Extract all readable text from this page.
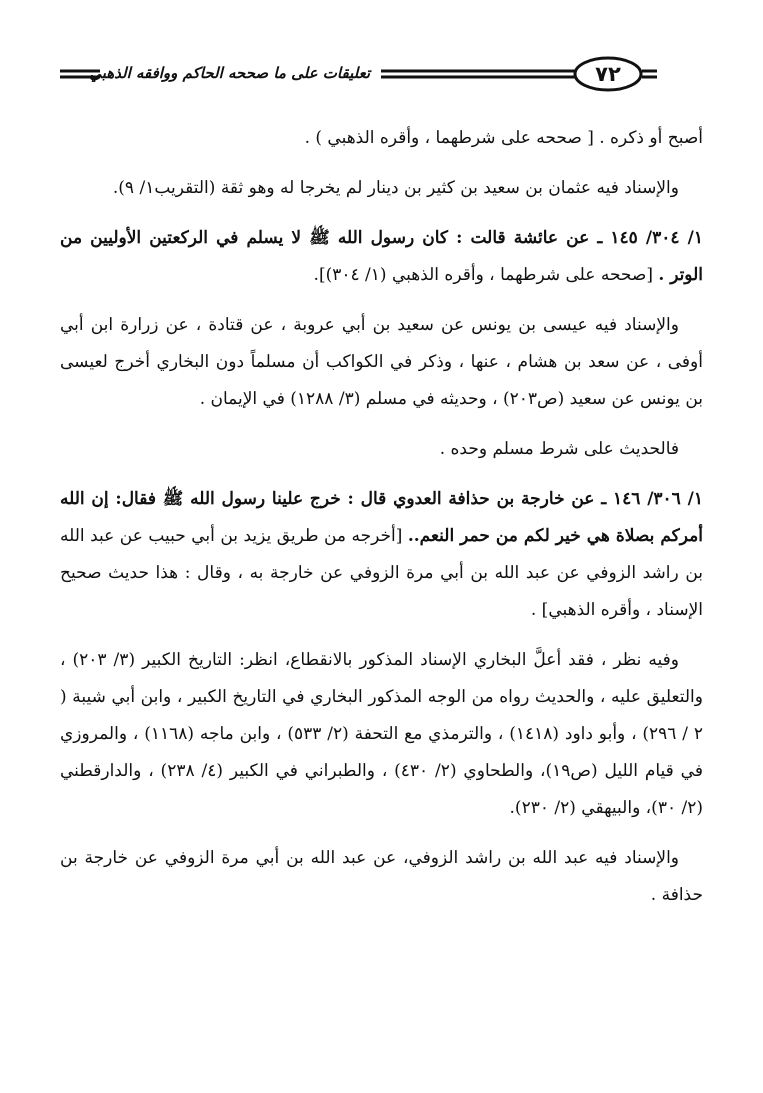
٧٢
تعليقات على ما صححه الحاكم ووافقه الذهبي

أصبح أو ذكره . [ صححه على شرطهما ، وأقره الذهبي ) .

والإسناد فيه عثمان بن سعيد بن كثير بن دينار لم يخرجا له وهو ثقة (التقريب١/ ٩).

١/ ٣٠٤/ ١٤٥ ـ عن عائشة قالت : كان رسول الله ﷺ لا يسلم في الركعتين الأوليين من الوتر . [صححه على شرطهما ، وأقره الذهبي (١/ ٣٠٤)].

والإسناد فيه عيسى بن يونس عن سعيد بن أبي عروبة ، عن قتادة ، عن زرارة ابن أبي أوفى ، عن سعد بن هشام ، عنها ، وذكر في الكواكب أن مسلماً دون البخاري أخرج لعيسى بن يونس عن سعيد (ص٢٠٣) ، وحديثه في مسلم (٣/ ١٢٨٨) في الإيمان .

فالحديث على شرط مسلم وحده .

١/ ٣٠٦/ ١٤٦ ـ عن خارجة بن حذافة العدوي قال : خرج علينا رسول الله ﷺ فقال: إن الله أمركم بصلاة هي خير لكم من حمر النعم.. [أخرجه من طريق يزيد بن أبي حبيب عن عبد الله بن راشد الزوفي عن عبد الله بن أبي مرة الزوفي عن خارجة به ، وقال : هذا حديث صحيح الإسناد ، وأقره الذهبي] .

وفيه نظر ، فقد أعلَّ البخاري الإسناد المذكور بالانقطاع، انظر: التاريخ الكبير (٣/ ٢٠٣) ، والتعليق عليه ، والحديث رواه من الوجه المذكور البخاري في التاريخ الكبير ، وابن أبي شيبة ( ٢ / ٢٩٦) ، وأبو داود (١٤١٨) ، والترمذي مع التحفة (٢/ ٥٣٣) ، وابن ماجه (١١٦٨) ، والمروزي في قيام الليل (ص١٩)، والطحاوي (٢/ ٤٣٠) ، والطبراني في الكبير (٤/ ٢٣٨) ، والدارقطني (٢/ ٣٠)، والبيهقي (٢/ ٢٣٠).

والإسناد فيه عبد الله بن راشد الزوفي، عن عبد الله بن أبي مرة الزوفي عن خارجة بن حذافة .
